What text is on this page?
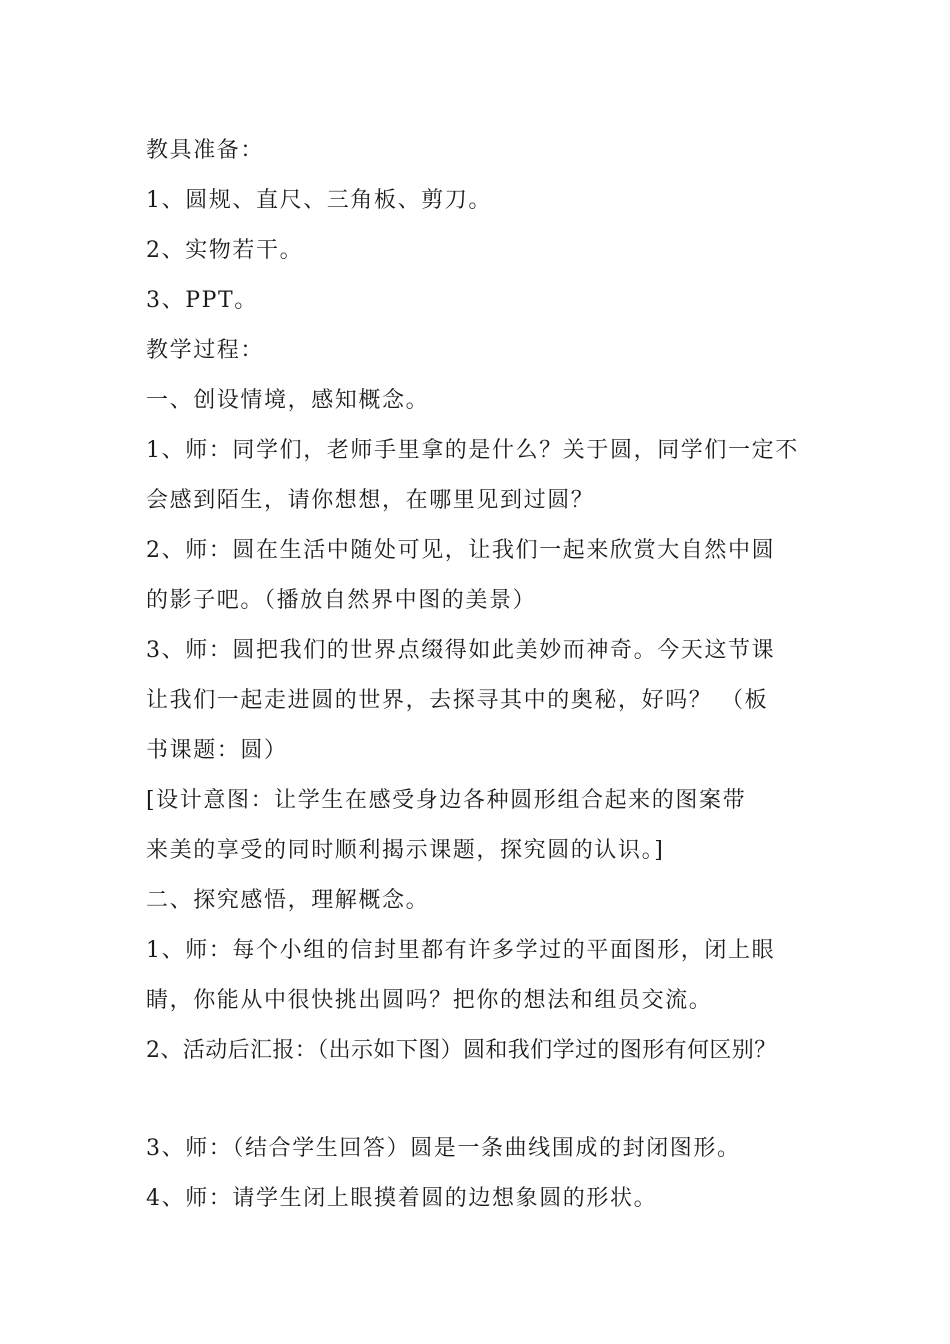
教具准备：

1、圆规、直尺、三角板、剪刀。

2、实物若干。

3、PPT。

教学过程：

一、创设情境，感知概念。

1、师：同学们，老师手里拿的是什么？关于圆，同学们一定不

会感到陌生，请你想想，在哪里见到过圆？

2、师：圆在生活中随处可见，让我们一起来欣赏大自然中圆

的影子吧。（播放自然界中图的美景）

3、师：圆把我们的世界点缀得如此美妙而神奇。今天这节课

让我们一起走进圆的世界，去探寻其中的奥秘，好吗？ （板

书课题：圆）

[设计意图：让学生在感受身边各种圆形组合起来的图案带

来美的享受的同时顺利揭示课题，探究圆的认识。]

二、探究感悟，理解概念。

1、师：每个小组的信封里都有许多学过的平面图形，闭上眼

睛，你能从中很快挑出圆吗？把你的想法和组员交流。

2、活动后汇报：（出示如下图）圆和我们学过的图形有何区别？

3、师：（结合学生回答）圆是一条曲线围成的封闭图形。

4、师：请学生闭上眼摸着圆的边想象圆的形状。
